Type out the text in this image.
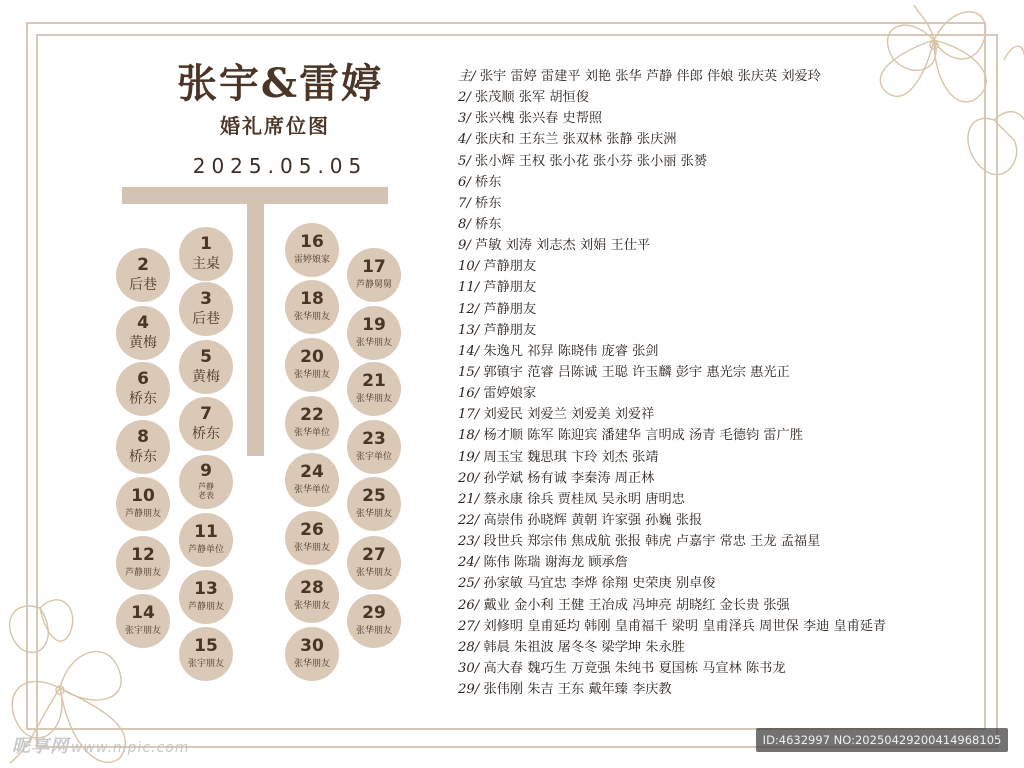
张宇&雷婷
婚礼席位图
2025.05.05
1
主桌
2
后巷
3
后巷
4
黄梅
5
黄梅
6
桥东
7
桥东
8
桥东
9
芦静老表
10
芦静朋友
11
芦静单位
12
芦静朋友
13
芦静朋友
14
张宇朋友
15
张宇朋友
16
雷婷娘家 17
芦静舅舅
18
张华朋友 19
张华朋友
20
张华朋友 21
张华朋友
22
张华单位 23
张宇单位
24
张华单位 25
张华朋友
26
张华朋友 27
张华朋友
28
张华朋友 29
张华朋友
30
张华朋友
主/ 张宇 雷婷 雷建平 刘艳 张华 芦静 伴郎 伴娘 张庆英 刘爱玲
2/ 张茂顺 张军 胡恒俊
3/ 张兴槐 张兴春 史帮照
4/ 张庆和 王东兰 张双林 张静 张庆洲
5/ 张小辉 王权 张小花 张小芬 张小丽 张赟
6/ 桥东
7/ 桥东
8/ 桥东
9/ 芦敏 刘涛 刘志杰 刘娟 王仕平
10/ 芦静朋友
11/ 芦静朋友
12/ 芦静朋友
13/ 芦静朋友
14/ 朱逸凡 祁舁 陈晓伟 庞睿 张剑
15/ 郭镇宇 范睿 吕陈诚 王聪 许玉麟 彭宇 惠光宗 惠光正
16/ 雷婷娘家
17/ 刘爱民 刘爱兰 刘爱美 刘爱祥
18/ 杨才顺 陈军 陈迎宾 潘建华 言明成 汤青 毛德钧 雷广胜
19/ 周玉宝 魏思琪 卞玲 刘杰 张靖
20/ 孙学斌 杨有诚 李秦涛 周正林
21/ 蔡永康 徐兵 贾桂凤 吴永明 唐明忠
22/ 高崇伟 孙晓辉 黄朝 许家强 孙巍 张报
23/ 段世兵 郑宗伟 焦成航 张报 韩虎 卢嘉宇 常忠 王龙 孟福星
24/ 陈伟 陈瑞 谢海龙 顾承詹
25/ 孙家敏 马宜忠 李烨 徐翔 史荣庚 别卓俊
26/ 戴业 金小利 王健 王冶成 冯坤亮 胡晓红 金长贵 张强
27/ 刘修明 皇甫延均 韩刚 皇甫福千 梁明 皇甫泽兵 周世保 李迪 皇甫延青
28/ 韩晨 朱祖波 屠冬冬 梁学坤 朱永胜
30/ 高大春 魏巧生 万竟强 朱纯书 夏国栋 马宣林 陈书龙
29/ 张伟刚 朱吉 王东 戴年臻 李庆教
昵享网 www.nipic.com	ID:4632997 NO:20250429200414968105
